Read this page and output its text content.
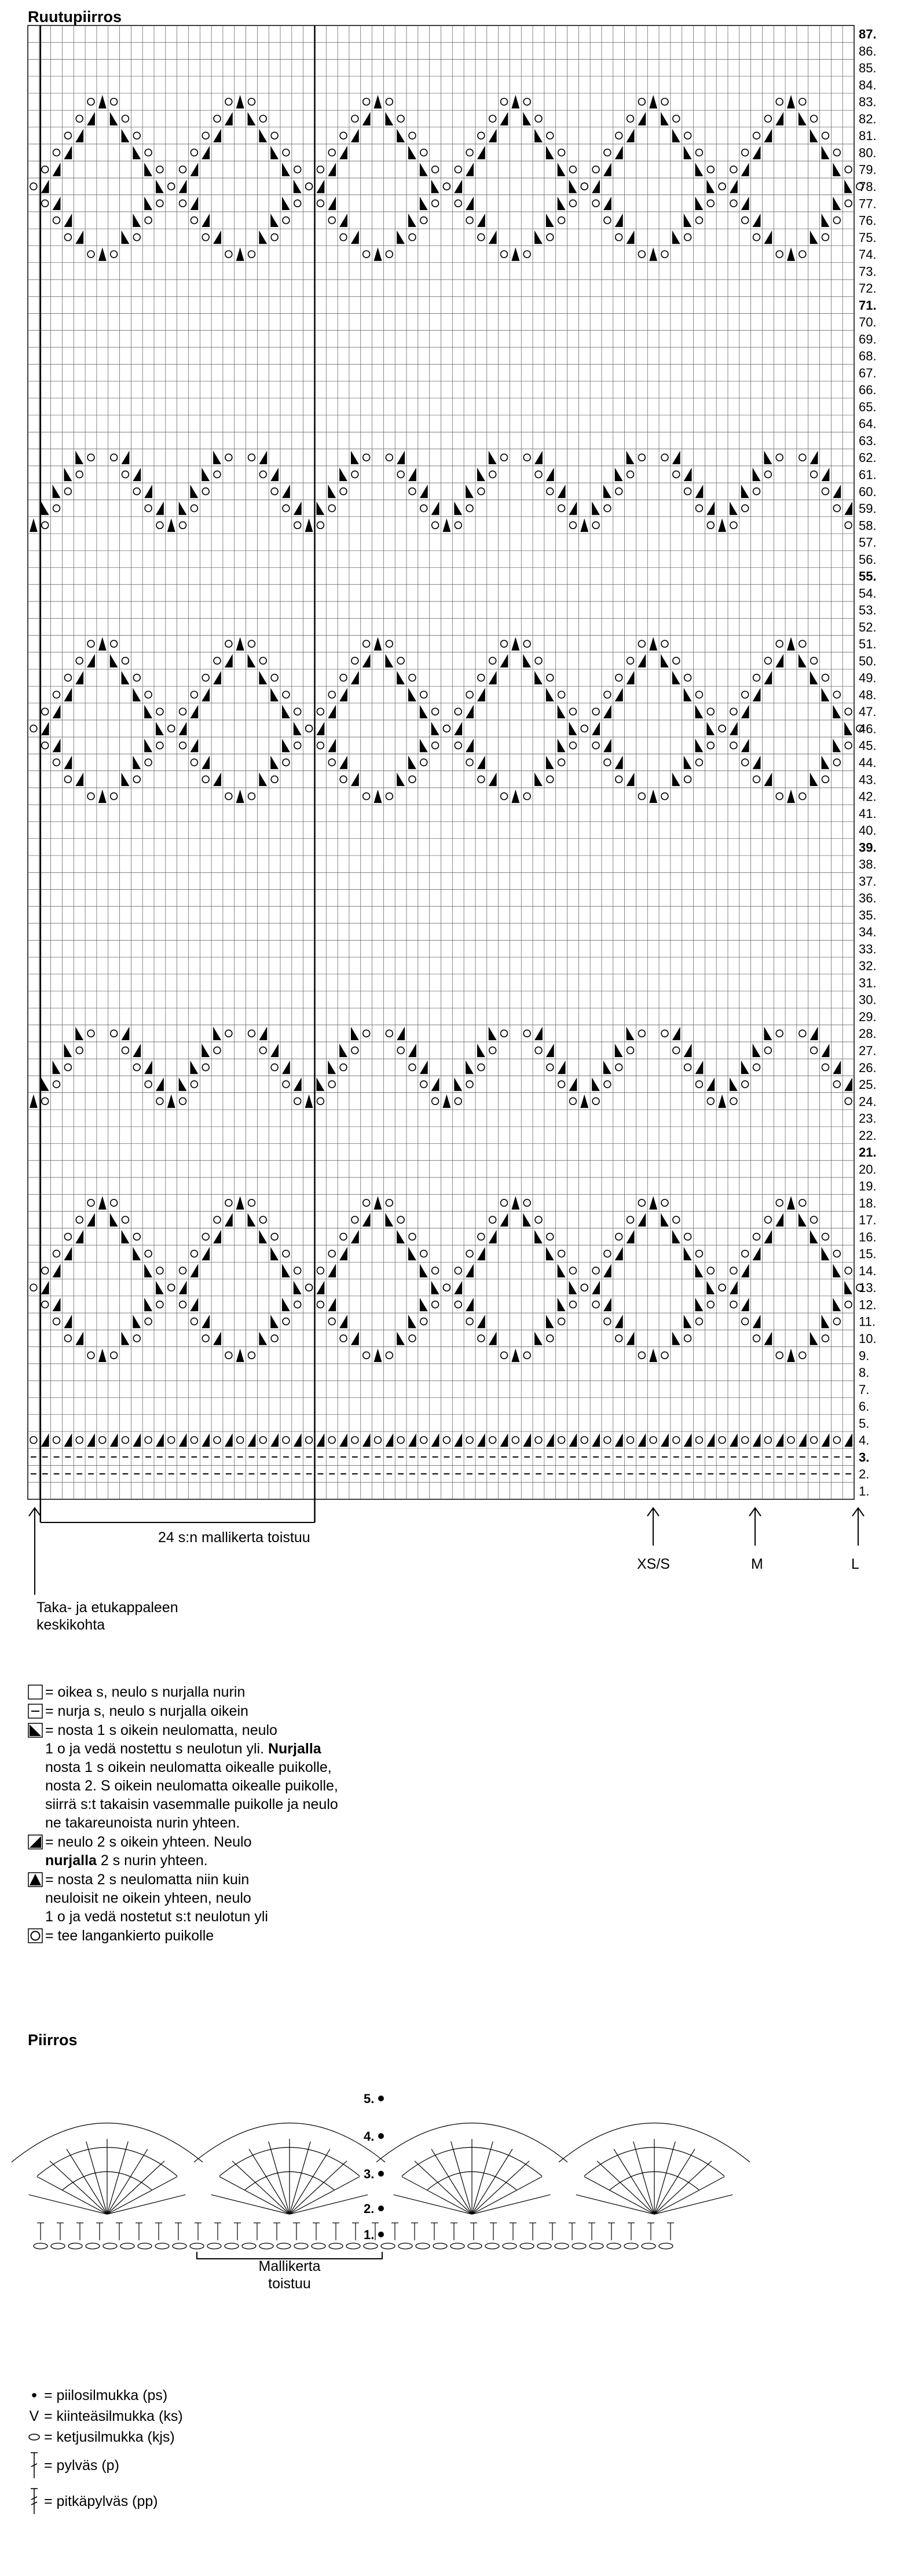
Ruutupiirros
87.
86.
85.
84.
83.
82.
81.
80.
79.
78.
77.
76.
75.
74.
73.
72.
71.
70.
69.
68.
67.
66.
65.
64.
63.
62.
61.
60.
59.
58.
57.
56.
55.
54.
53.
52.
51.
50.
49.
48.
47.
46.
45.
44.
43.
42.
41.
40.
39.
38.
37.
36.
35.
34.
33.
32.
31.
30.
29.
28.
27.
26.
25.
24.
23.
22.
21.
20.
19.
18.
17.
16.
15.
14.
13.
12.
11.
10.
9.
8.
7.
6.
5.
4.
3.
2.
1.
24 s:n mallikerta toistuu
XS/S	M	L
Taka- ja etukappaleen
keskikohta
= oikea s, neulo s nurjalla nurin
= nurja s, neulo s nurjalla oikein
= nosta 1 s oikein neulomatta, neulo
1 o ja vedä nostettu s neulotun yli. Nurjalla
nosta 1 s oikein neulomatta oikealle puikolle,
nosta 2. S oikein neulomatta oikealle puikolle,
siirrä s:t takaisin vasemmalle puikolle ja neulo
ne takareunoista nurin yhteen.
= neulo 2 s oikein yhteen. Neulo
nurjalla 2 s nurin yhteen.
= nosta 2 s neulomatta niin kuin
neuloisit ne oikein yhteen, neulo
1 o ja vedä nostetut s:t neulotun yli
= tee langankierto puikolle
Piirros
5.
4.
3.
2.
1.
Mallikerta
toistuu
• = piilosilmukka (ps)
V = kiinteäsilmukka (ks)
= ketjusilmukka (kjs)
= pylväs (p)
= pitkäpylväs (pp)
